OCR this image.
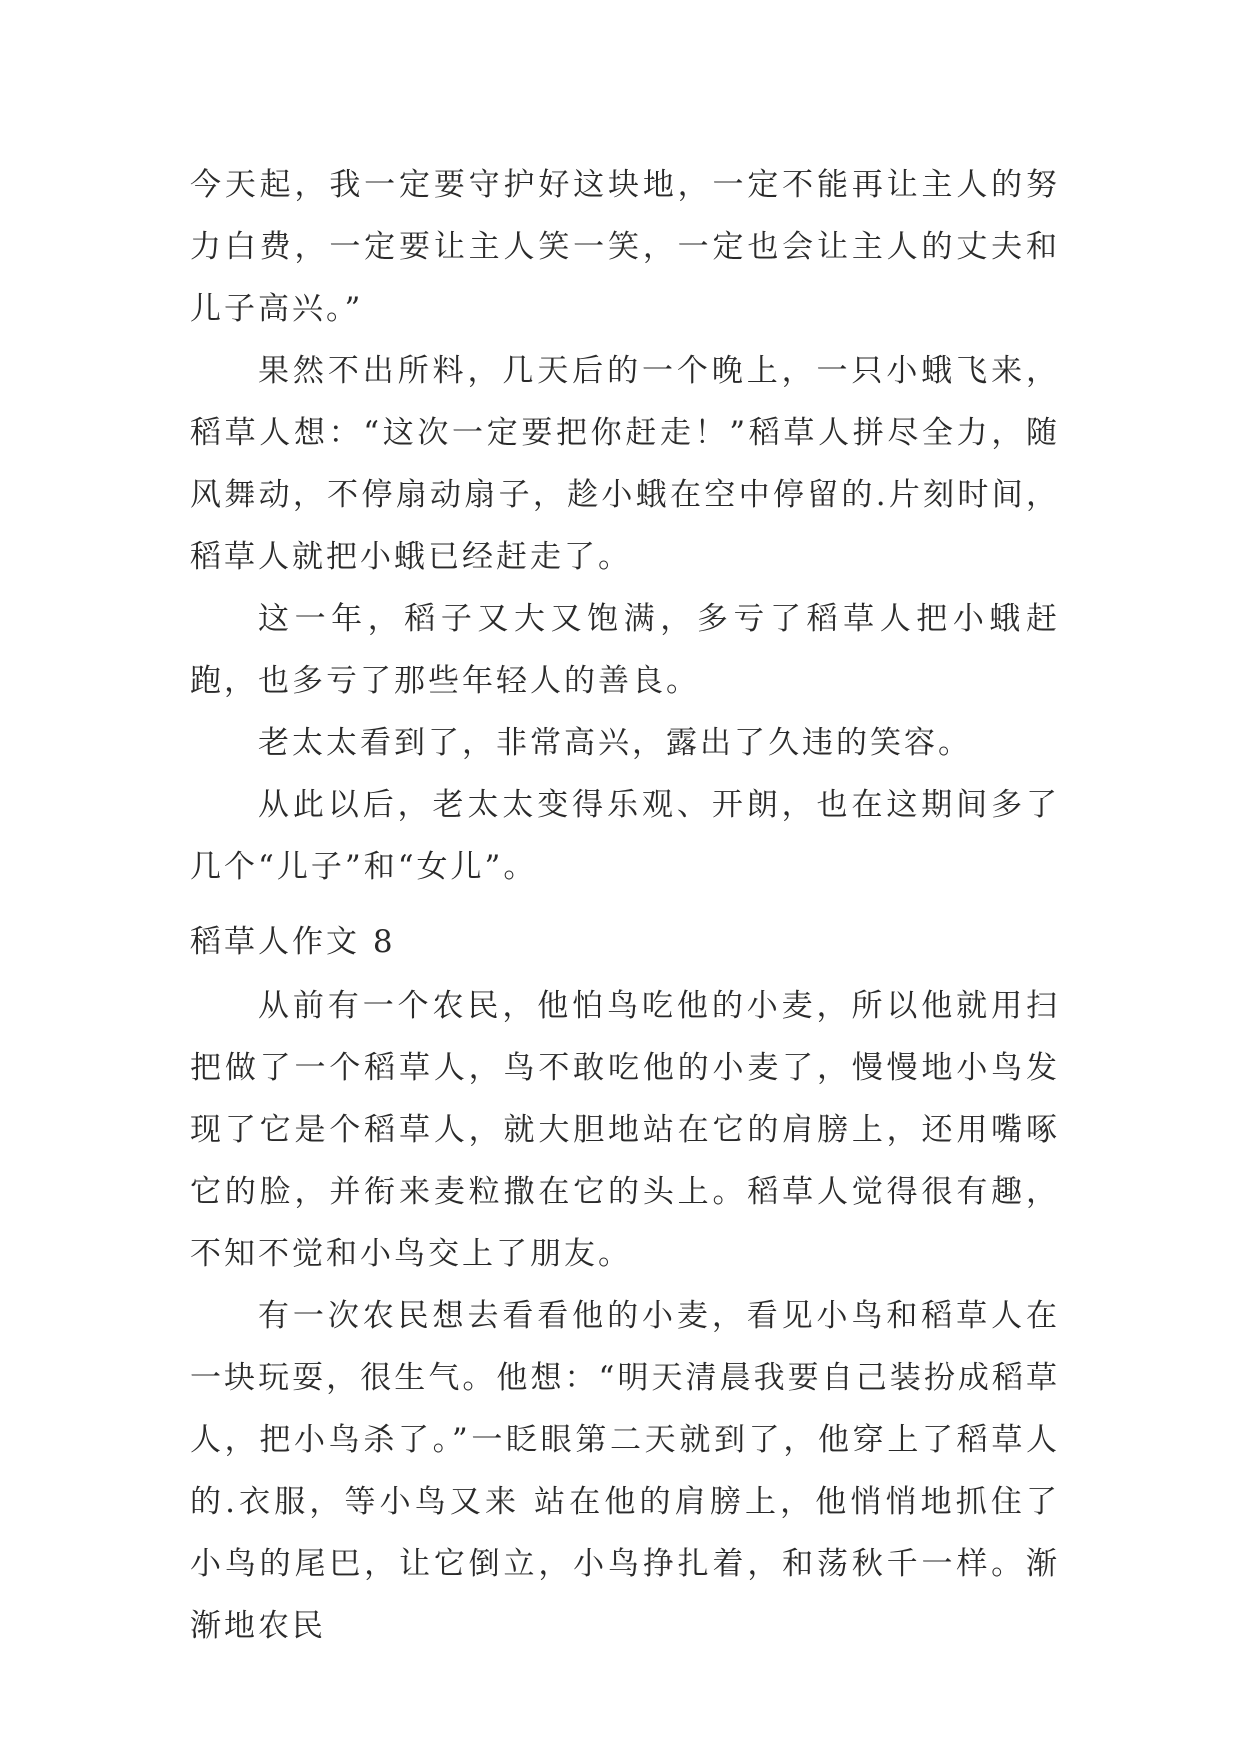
今天起，我一定要守护好这块地，一定不能再让主人的努力白费，一定要让主人笑一笑，一定也会让主人的丈夫和儿子高兴。”

果然不出所料，几天后的一个晚上，一只小蛾飞来，稻草人想：“这次一定要把你赶走！”稻草人拼尽全力，随风舞动，不停扇动扇子，趁小蛾在空中停留的.片刻时间，稻草人就把小蛾已经赶走了。

这一年，稻子又大又饱满，多亏了稻草人把小蛾赶跑，也多亏了那些年轻人的善良。

老太太看到了，非常高兴，露出了久违的笑容。

从此以后，老太太变得乐观、开朗，也在这期间多了几个“儿子”和“女儿”。

稻草人作文 8

从前有一个农民，他怕鸟吃他的小麦，所以他就用扫把做了一个稻草人，鸟不敢吃他的小麦了，慢慢地小鸟发现了它是个稻草人，就大胆地站在它的肩膀上，还用嘴啄它的脸，并衔来麦粒撒在它的头上。稻草人觉得很有趣，不知不觉和小鸟交上了朋友。

有一次农民想去看看他的小麦，看见小鸟和稻草人在一块玩耍，很生气。他想：“明天清晨我要自己装扮成稻草人，把小鸟杀了。”一眨眼第二天就到了，他穿上了稻草人的.衣服，等小鸟又来 站在他的肩膀上，他悄悄地抓住了小鸟的尾巴，让它倒立，小鸟挣扎着，和荡秋千一样。渐渐地农民
